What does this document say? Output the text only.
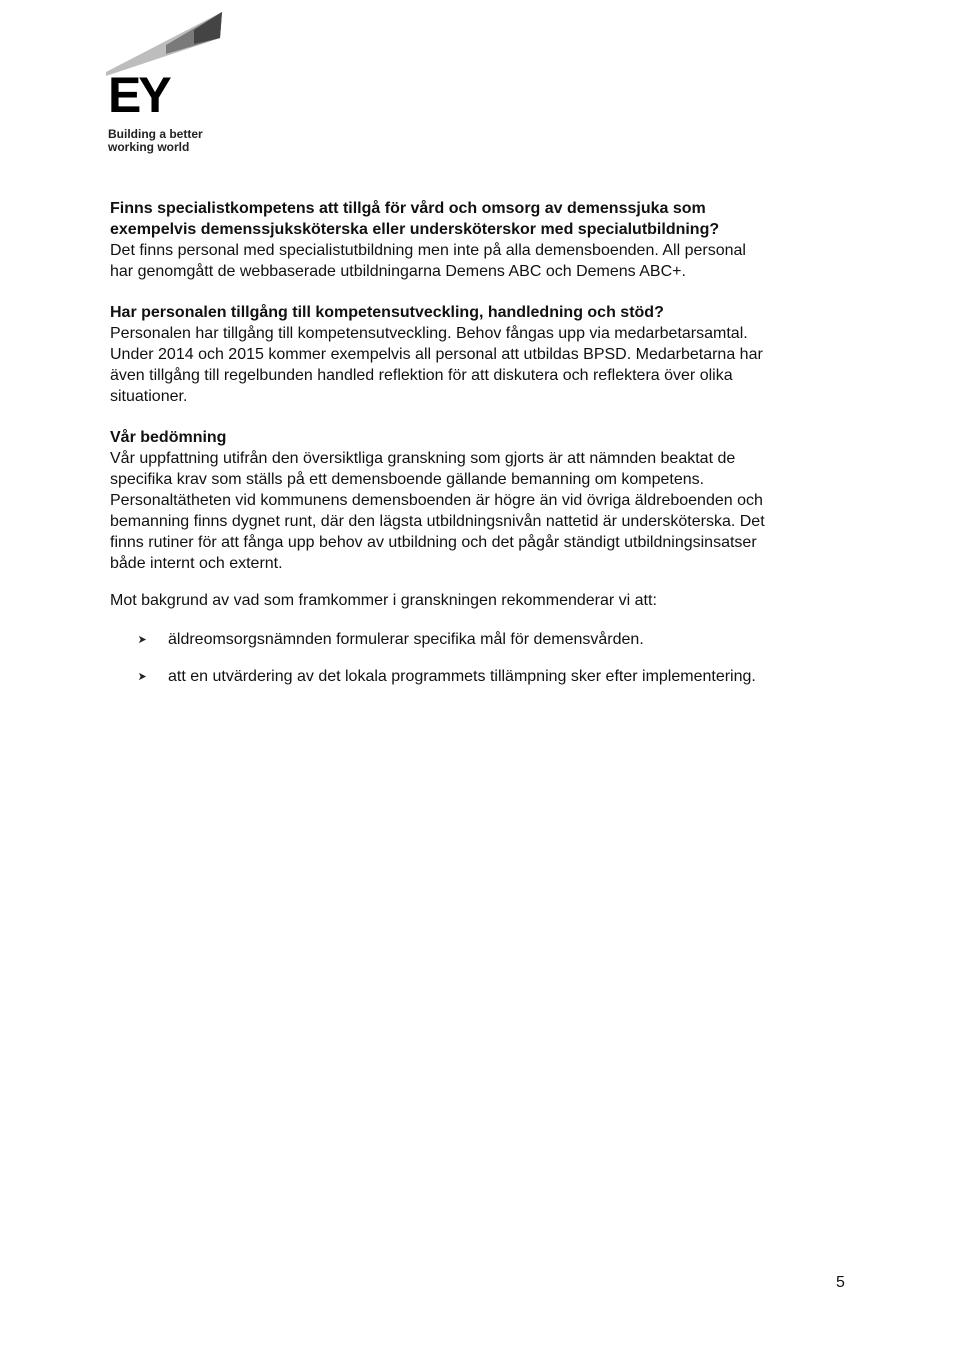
EY
Building a better
working world
Finns specialistkompetens att tillgå för vård och omsorg av demenssjuka som
exempelvis demenssjuksköterska eller undersköterskor med specialutbildning?
Det finns personal med specialistutbildning men inte på alla demensboenden. All personal
har genomgått de webbaserade utbildningarna Demens ABC och Demens ABC+.
Har personalen tillgång till kompetensutveckling, handledning och stöd?
Personalen har tillgång till kompetensutveckling. Behov fångas upp via medarbetarsamtal.
Under 2014 och 2015 kommer exempelvis all personal att utbildas BPSD. Medarbetarna har
även tillgång till regelbunden handled reflektion för att diskutera och reflektera över olika
situationer.
Vår bedömning
Vår uppfattning utifrån den översiktliga granskning som gjorts är att nämnden beaktat de
specifika krav som ställs på ett demensboende gällande bemanning om kompetens.
Personaltätheten vid kommunens demensboenden är högre än vid övriga äldreboenden och
bemanning finns dygnet runt, där den lägsta utbildningsnivån nattetid är undersköterska. Det
finns rutiner för att fånga upp behov av utbildning och det pågår ständigt utbildningsinsatser
både internt och externt.
Mot bakgrund av vad som framkommer i granskningen rekommenderar vi att:
äldreomsorgsnämnden formulerar specifika mål för demensvården.
att en utvärdering av det lokala programmets tillämpning sker efter implementering.
5
